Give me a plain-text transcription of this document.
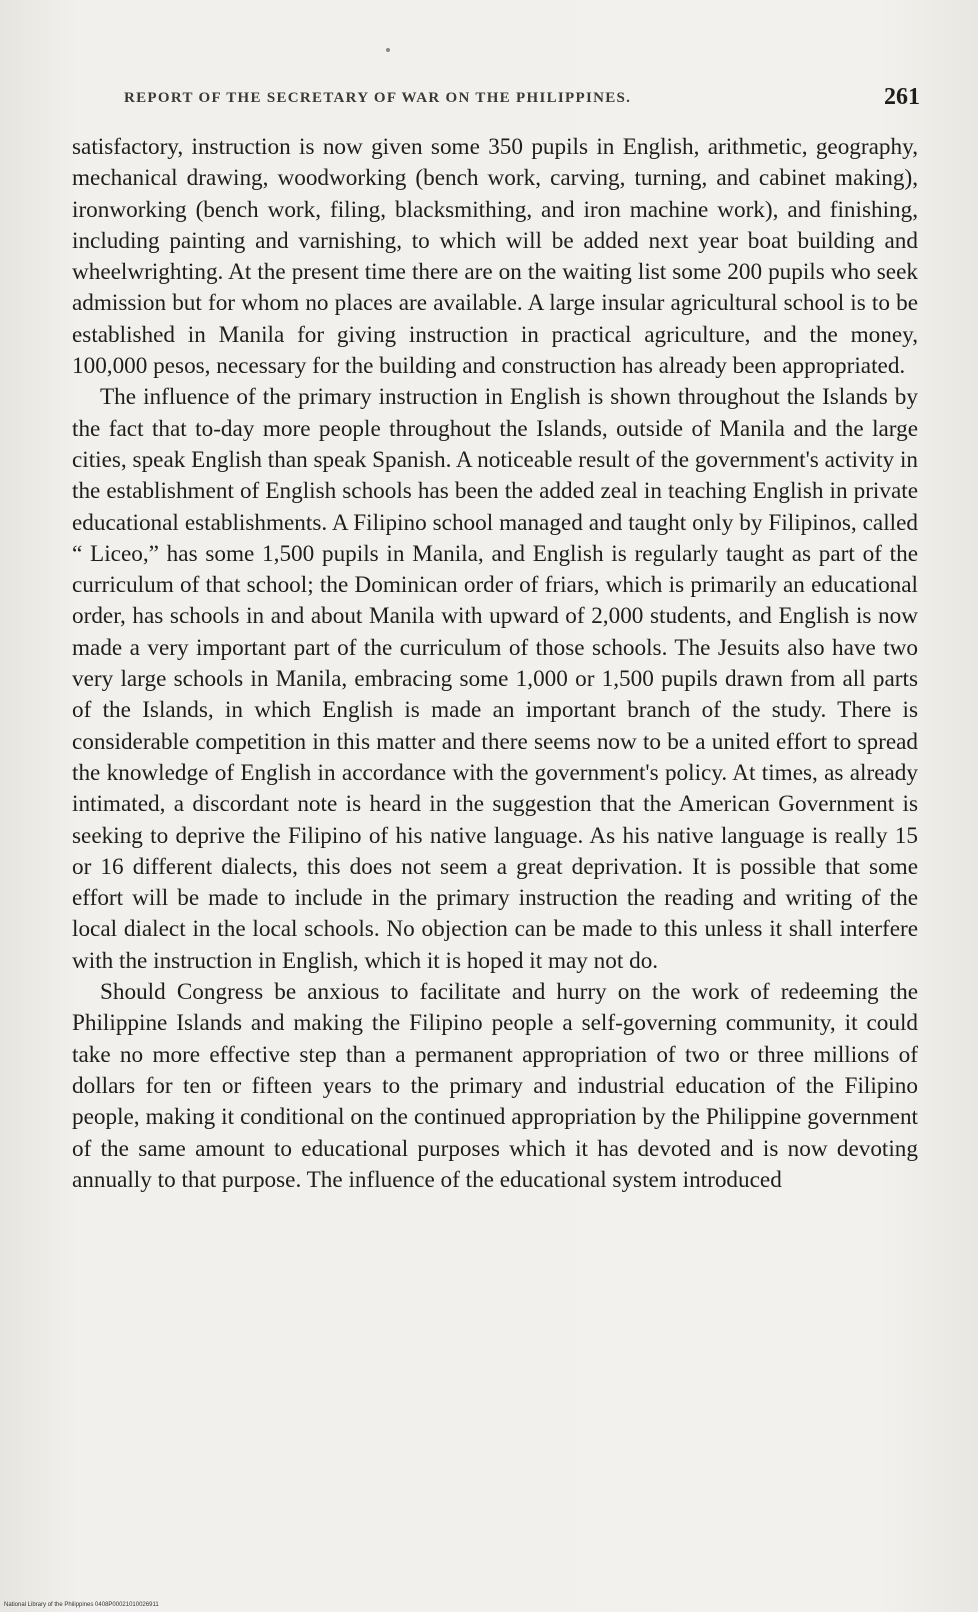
REPORT OF THE SECRETARY OF WAR ON THE PHILIPPINES.	261

satisfactory, instruction is now given some 350 pupils in English, arithmetic, geography, mechanical drawing, woodworking (bench work, carving, turning, and cabinet making), ironworking (bench work, filing, blacksmithing, and iron machine work), and finishing, including painting and varnishing, to which will be added next year boat building and wheelwrighting. At the present time there are on the waiting list some 200 pupils who seek admission but for whom no places are available. A large insular agricultural school is to be established in Manila for giving instruction in practical agriculture, and the money, 100,000 pesos, necessary for the building and construction has already been appropriated.

The influence of the primary instruction in English is shown throughout the Islands by the fact that to-day more people throughout the Islands, outside of Manila and the large cities, speak English than speak Spanish. A noticeable result of the government's activity in the establishment of English schools has been the added zeal in teaching English in private educational establishments. A Filipino school managed and taught only by Filipinos, called “ Liceo,” has some 1,500 pupils in Manila, and English is regularly taught as part of the curriculum of that school; the Dominican order of friars, which is primarily an educational order, has schools in and about Manila with upward of 2,000 students, and English is now made a very important part of the curriculum of those schools. The Jesuits also have two very large schools in Manila, embracing some 1,000 or 1,500 pupils drawn from all parts of the Islands, in which English is made an important branch of the study. There is considerable competition in this matter and there seems now to be a united effort to spread the knowledge of English in accordance with the government's policy. At times, as already intimated, a discordant note is heard in the suggestion that the American Government is seeking to deprive the Filipino of his native language. As his native language is really 15 or 16 different dialects, this does not seem a great deprivation. It is possible that some effort will be made to include in the primary instruction the reading and writing of the local dialect in the local schools. No objection can be made to this unless it shall interfere with the instruction in English, which it is hoped it may not do.

Should Congress be anxious to facilitate and hurry on the work of redeeming the Philippine Islands and making the Filipino people a self-governing community, it could take no more effective step than a permanent appropriation of two or three millions of dollars for ten or fifteen years to the primary and industrial education of the Filipino people, making it conditional on the continued appropriation by the Philippine government of the same amount to educational purposes which it has devoted and is now devoting annually to that purpose. The influence of the educational system introduced

National Library of the Philippines 0408P00021010026911
